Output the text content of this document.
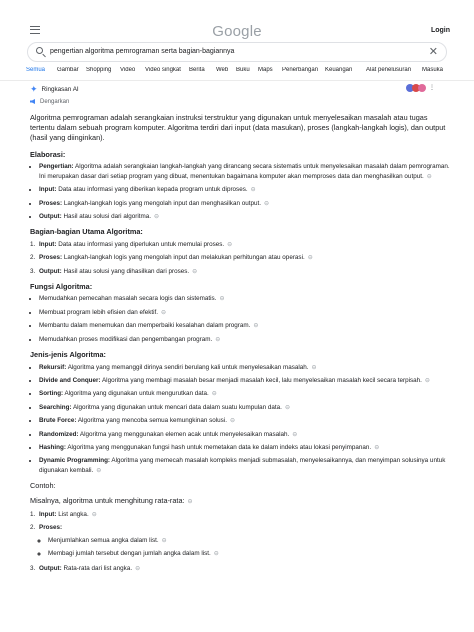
Google	Login
pengertian algoritma pemrograman serta bagian-bagiannya	✕
Semua Gambar Shopping Video Video singkat Berita Web Buku Maps Penerbangan Keuangan Alat penelusuran Masuka
✦ Ringkasan AI	⋮
Dengarkan

Algoritma pemrograman adalah serangkaian instruksi terstruktur yang digunakan untuk menyelesaikan masalah atau tugas tertentu dalam sebuah program komputer. Algoritma terdiri dari input (data masukan), proses (langkah-langkah logis), dan output (hasil yang diinginkan).

Elaborasi:
• Pengertian: Algoritma adalah serangkaian langkah-langkah yang dirancang secara sistematis untuk menyelesaikan masalah dalam pemrograman. Ini merupakan dasar dari setiap program yang dibuat, menentukan bagaimana komputer akan memproses data dan menghasilkan output. ⊖
• Input: Data atau informasi yang diberikan kepada program untuk diproses. ⊖
• Proses: Langkah-langkah logis yang mengolah input dan menghasilkan output. ⊖
• Output: Hasil atau solusi dari algoritma. ⊖
Bagian-bagian Utama Algoritma:
1. Input: Data atau informasi yang diperlukan untuk memulai proses. ⊖
2. Proses: Langkah-langkah logis yang mengolah input dan melakukan perhitungan atau operasi. ⊖
3. Output: Hasil atau solusi yang dihasilkan dari proses. ⊖
Fungsi Algoritma:
• Memudahkan pemecahan masalah secara logis dan sistematis. ⊖
• Membuat program lebih efisien dan efektif. ⊖
• Membantu dalam menemukan dan memperbaiki kesalahan dalam program. ⊖
• Memudahkan proses modifikasi dan pengembangan program. ⊖
Jenis-jenis Algoritma:
• Rekursif: Algoritma yang memanggil dirinya sendiri berulang kali untuk menyelesaikan masalah. ⊖
• Divide and Conquer: Algoritma yang membagi masalah besar menjadi masalah kecil, lalu menyelesaikan masalah kecil secara terpisah. ⊖
• Sorting: Algoritma yang digunakan untuk mengurutkan data. ⊖
• Searching: Algoritma yang digunakan untuk mencari data dalam suatu kumpulan data. ⊖
• Brute Force: Algoritma yang mencoba semua kemungkinan solusi. ⊖
• Randomized: Algoritma yang menggunakan elemen acak untuk menyelesaikan masalah. ⊖
• Hashing: Algoritma yang menggunakan fungsi hash untuk memetakan data ke dalam indeks atau lokasi penyimpanan. ⊖
• Dynamic Programming: Algoritma yang memecah masalah kompleks menjadi submasalah, menyelesaikannya, dan menyimpan solusinya untuk digunakan kembali. ⊖
Contoh:
Misalnya, algoritma untuk menghitung rata-rata: ⊖
1. Input: List angka. ⊖
2. Proses:
◦ Menjumlahkan semua angka dalam list. ⊖
◦ Membagi jumlah tersebut dengan jumlah angka dalam list. ⊖
3. Output: Rata-rata dari list angka. ⊖
